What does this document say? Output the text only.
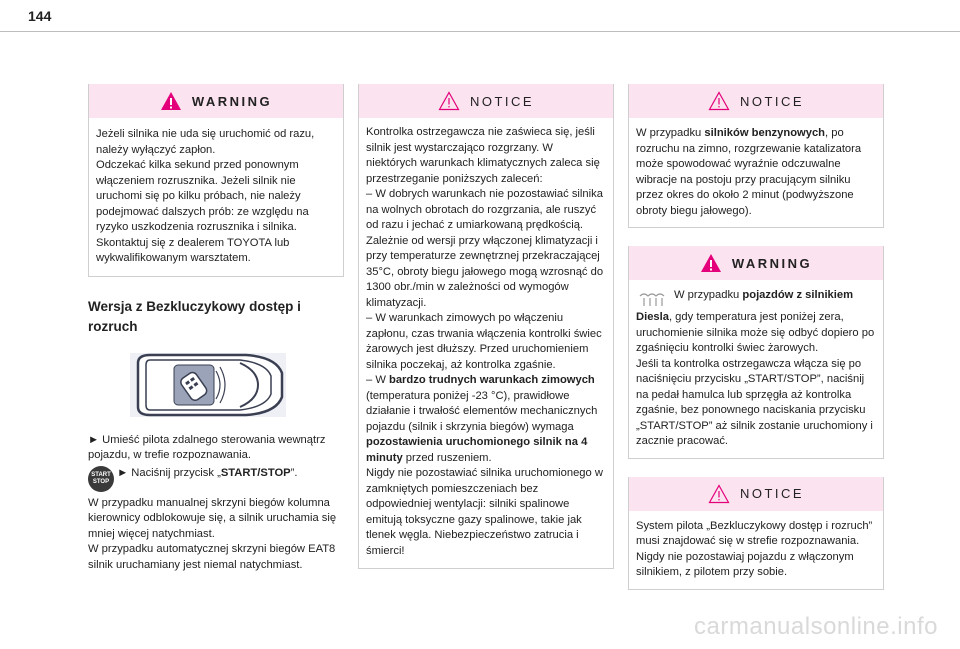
144
WARNING

Jeżeli silnika nie uda się uruchomić od razu, należy wyłączyć zapłon.

Odczekać kilka sekund przed ponownym włączeniem rozrusznika. Jeżeli silnik nie uruchomi się po kilku próbach, nie należy podejmować dalszych prób: ze względu na ryzyko uszkodzenia rozrusznika i silnika.

Skontaktuj się z dealerem TOYOTA lub wykwalifikowanym warsztatem.

Wersja z Bezkluczykowy dostęp i rozruch

► Umieść pilota zdalnego sterowania wewnątrz pojazdu, w trefie rozpoznawania.

START
STOP ► Naciśnij przycisk „START/STOP”.

W przypadku manualnej skrzyni biegów kolumna kierownicy odblokowuje się, a silnik uruchamia się mniej więcej natychmiast.

W przypadku automatycznej skrzyni biegów EAT8 silnik uruchamiany jest niemal natychmiast.

NOTICE

Kontrolka ostrzegawcza nie zaświeca się, jeśli silnik jest wystarczająco rozgrzany. W niektórych warunkach klimatycznych zaleca się przestrzeganie poniższych zaleceń:

– W dobrych warunkach nie pozostawiać silnika na wolnych obrotach do rozgrzania, ale ruszyć od razu i jechać z umiarkowaną prędkością. Zależnie od wersji przy włączonej klimatyzacji i przy temperaturze zewnętrznej przekraczającej 35°C, obroty biegu jałowego mogą wzrosnąć do 1300 obr./min w zależności od wymogów klimatyzacji.

– W warunkach zimowych po włączeniu zapłonu, czas trwania włączenia kontrolki świec żarowych jest dłuższy. Przed uruchomieniem silnika poczekaj, aż kontrolka zgaśnie.

– W bardzo trudnych warunkach zimowych (temperatura poniżej -23 °C), prawidłowe działanie i trwałość elementów mechanicznych pojazdu (silnik i skrzynia biegów) wymaga pozostawienia uruchomionego silnik na 4 minuty przed ruszeniem.

Nigdy nie pozostawiać silnika uruchomionego w zamkniętych pomieszczeniach bez odpowiedniej wentylacji: silniki spalinowe emitują toksyczne gazy spalinowe, takie jak tlenek węgla. Niebezpieczeństwo zatrucia i śmierci!

NOTICE

W przypadku silników benzynowych, po rozruchu na zimno, rozgrzewanie katalizatora może spowodować wyraźnie odczuwalne wibracje na postoju przy pracującym silniku przez okres do około 2 minut (podwyższone obroty biegu jałowego).

WARNING

W przypadku pojazdów z silnikiem Diesla, gdy temperatura jest poniżej zera, uruchomienie silnika może się odbyć dopiero po zgaśnięciu kontrolki świec żarowych.

Jeśli ta kontrolka ostrzegawcza włącza się po naciśnięciu przycisku „START/STOP”, naciśnij na pedał hamulca lub sprzęgła aż kontrolka zgaśnie, bez ponownego naciskania przycisku „START/STOP” aż silnik zostanie uruchomiony i zacznie pracować.

NOTICE

System pilota „Bezkluczykowy dostęp i rozruch” musi znajdować się w strefie rozpoznawania.

Nigdy nie pozostawiaj pojazdu z włączonym silnikiem, z pilotem przy sobie.

carmanualsonline.info
